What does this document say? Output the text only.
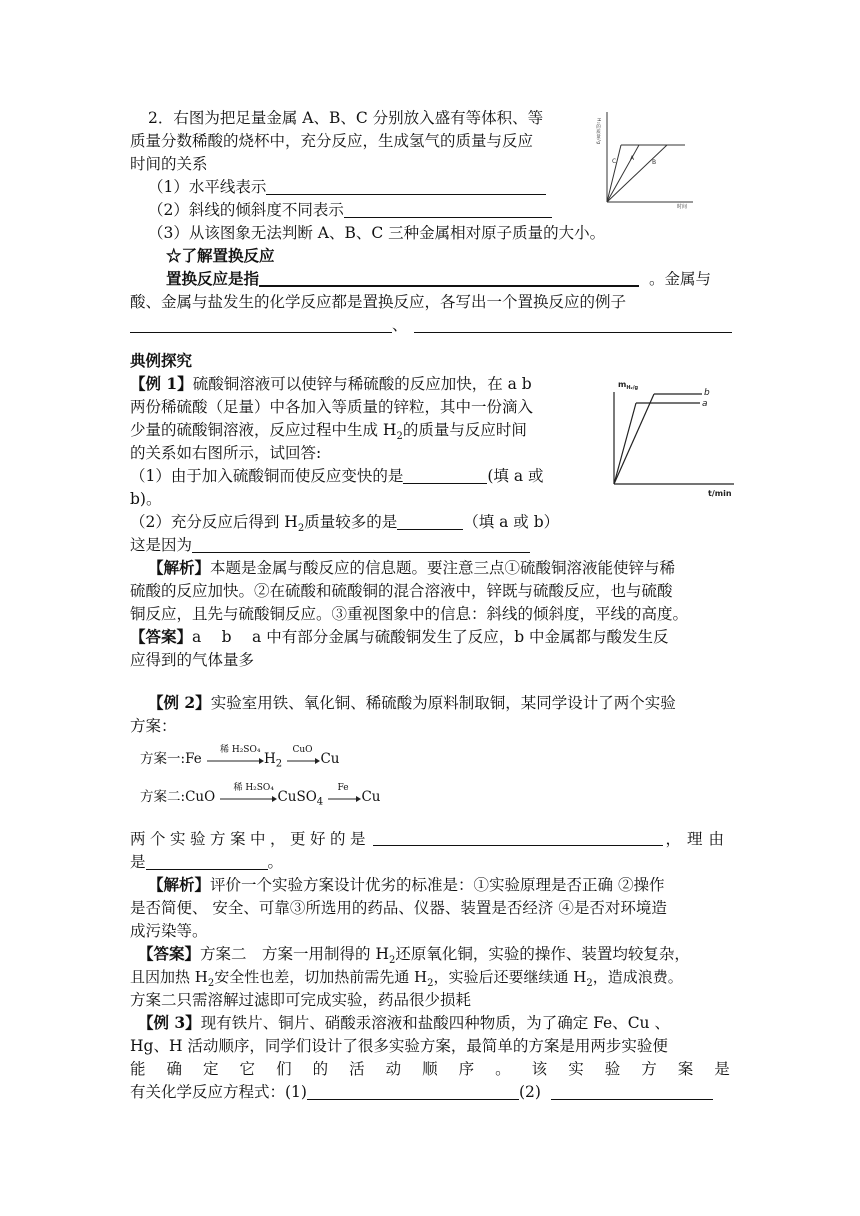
2．右图为把足量金属 A、B、C 分别放入盛有等体积、等
质量分数稀酸的烧杯中，充分反应，生成氢气的质量与反应
时间的关系
（1）水平线表示
（2）斜线的倾斜度不同表示
（3）从该图象无法判断 A、B、C 三种金属相对原子质量的大小。
H₂的质量/g
C A
B
时间
☆了解置换反应
置换反应是指	。金属与
酸、金属与盐发生的化学反应都是置换反应，各写出一个置换反应的例子
、
典例探究
【例 1】硫酸铜溶液可以使锌与稀硫酸的反应加快，在 a b
两份稀硫酸（足量）中各加入等质量的锌粒，其中一份滴入
少量的硫酸铜溶液，反应过程中生成 $H_2$的质量与反应时间
的关系如右图所示，试回答:
（1）由于加入硫酸铜而使反应变快的是	(填 a 或
b)。
（2）充分反应后得到 $H_2$质量较多的是	（填 a 或 b）
这是因为
【解析】本题是金属与酸反应的信息题。要注意三点①硫酸铜溶液能使锌与稀
硫酸的反应加快。②在硫酸和硫酸铜的混合溶液中，锌既与硫酸反应，也与硫酸
铜反应，且先与硫酸铜反应。③重视图象中的信息：斜线的倾斜度，平线的高度。
【答案】a　 b　 a 中有部分金属与硫酸铜发生了反应，b 中金属都与酸发生反
应得到的气体量多
$m_{H_2/g}$	b
a
t/min
【例 2】实验室用铁、氧化铜、稀硫酸为原料制取铜，某同学设计了两个实验
方案：
方案一:Fe
稀 H₂SO₄
$H_2$
CuO
Cu
方案二:CuO
稀 H₂SO₄
CuSO$_4$
Fe
Cu
两个实验方案中，更好的是	，理由
是	。
【解析】评价一个实验方案设计优劣的标准是：①实验原理是否正确 ②操作
是否简便、 安全、可靠③所选用的药品、仪器、装置是否经济 ④是否对环境造
成污染等。
【答案】方案二　方案一用制得的 $H_2$还原氧化铜，实验的操作、装置均较复杂，
且因加热 $H_2$安全性也差，切加热前需先通 $H_2$，实验后还要继续通 $H_2$，造成浪费。
方案二只需溶解过滤即可完成实验，药品很少损耗
【例 3】现有铁片、铜片、硝酸汞溶液和盐酸四种物质，为了确定 Fe、Cu 、
Hg、H 活动顺序，同学们设计了很多实验方案，最简单的方案是用两步实验便
能 确 定 它 们 的 活 动 顺 序 。 该 实 验 方 案 是
有关化学反应方程式：(1)	(2)
